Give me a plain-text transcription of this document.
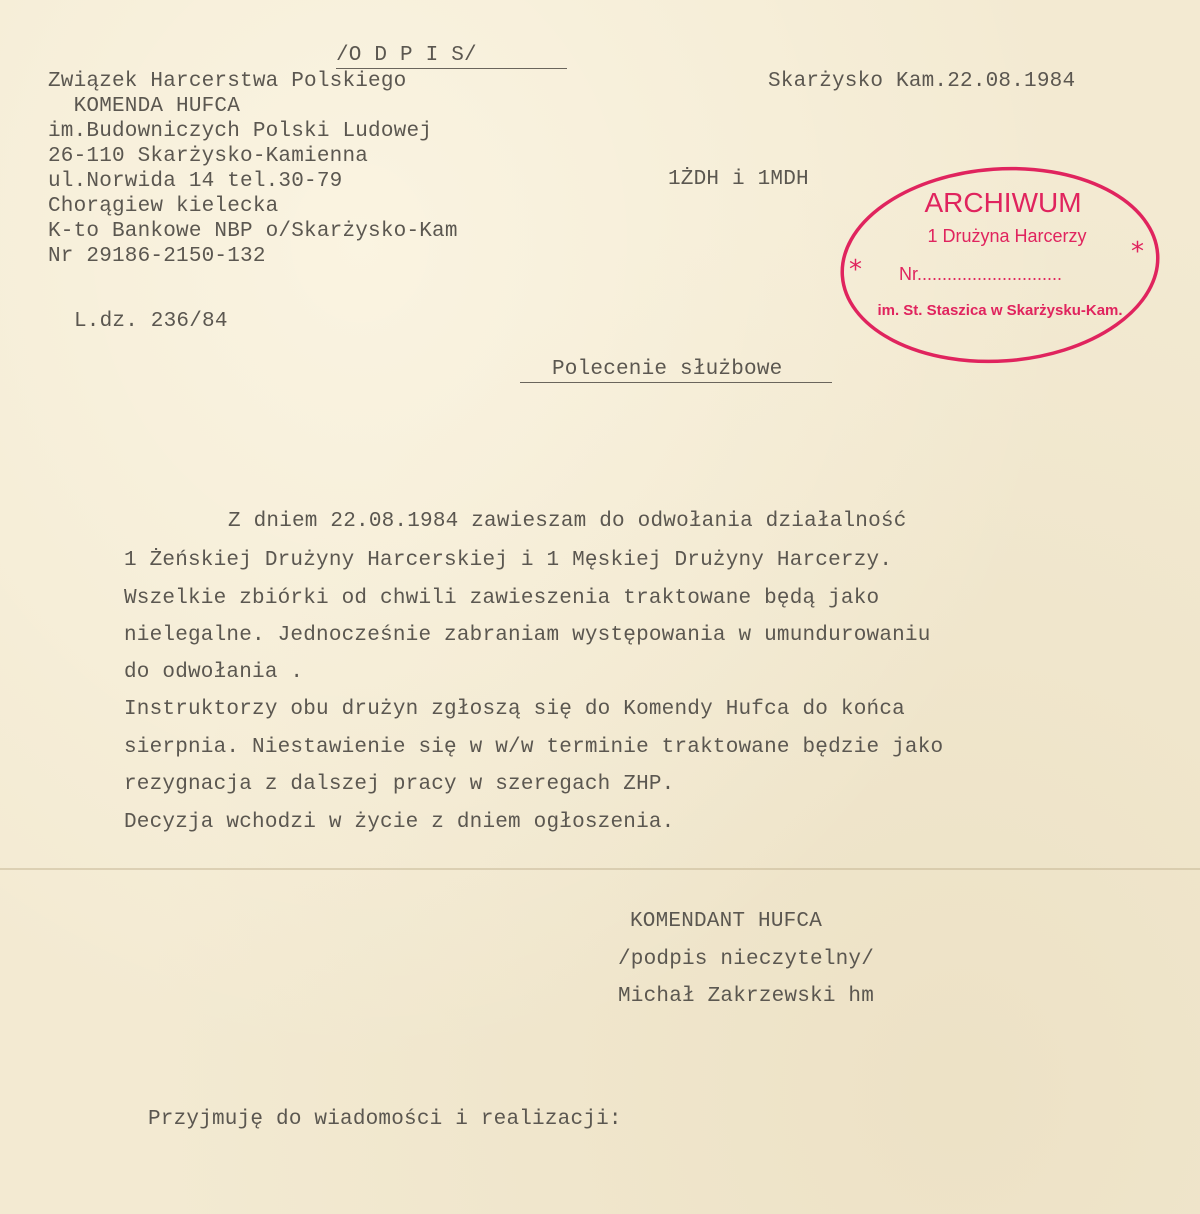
/O D P I S/
Związek Harcerstwa Polskiego
KOMENDA HUFCA
im.Budowniczych Polski Ludowej
26-110 Skarżysko-Kamienna
ul.Norwida 14 tel.30-79
Chorągiew kielecka
K-to Bankowe NBP o/Skarżysko-Kam
Nr 29186-2150-132
Skarżysko Kam.22.08.1984
1ŻDH i 1MDH
L.dz. 236/84
Polecenie służbowe
Z dniem 22.08.1984 zawieszam do odwołania działalność
1 Żeńskiej Drużyny Harcerskiej i 1 Męskiej Drużyny Harcerzy.
Wszelkie zbiórki od chwili zawieszenia traktowane będą jako
nielegalne. Jednocześnie zabraniam występowania w umundurowaniu
do odwołania .
Instruktorzy obu drużyn zgłoszą się do Komendy Hufca do końca
sierpnia. Niestawienie się w w/w terminie traktowane będzie jako
rezygnacja z dalszej pracy w szeregach ZHP.
Decyzja wchodzi w życie z dniem ogłoszenia.
KOMENDANT HUFCA
/podpis nieczytelny/
Michał Zakrzewski hm
Przyjmuję do wiadomości i realizacji:
ARCHIWUM
1 Drużyna Harcerzy
Nr.............................
im. St. Staszica w Skarżysku-Kam.
*
*
